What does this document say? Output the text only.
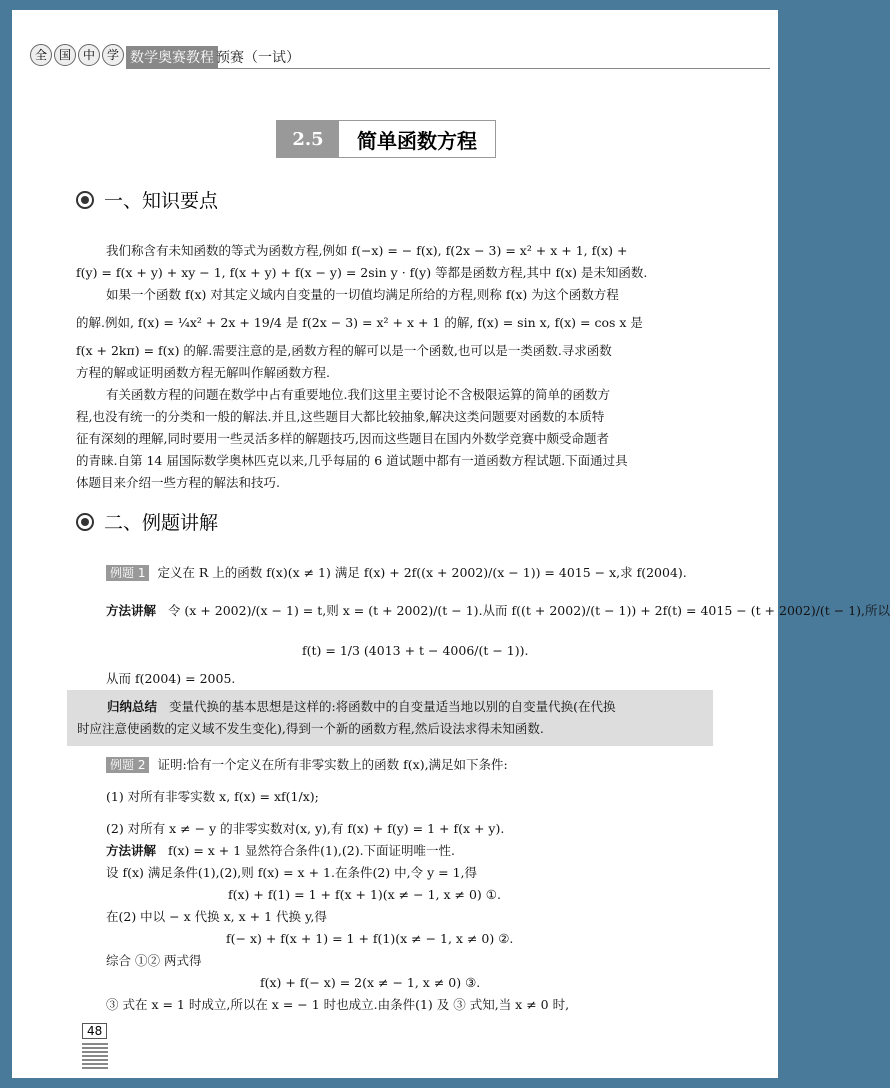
全 国 中 学 数学奥赛教程 预赛（一试）
2.5	简单函数方程
一、知识要点
我们称含有未知函数的等式为函数方程,例如 f(−x) = − f(x), f(2x − 3) = x² + x + 1, f(x) +
f(y) = f(x + y) + xy − 1, f(x + y) + f(x − y) = 2sin y · f(y) 等都是函数方程,其中 f(x) 是未知函数.
如果一个函数 f(x) 对其定义域内自变量的一切值均满足所给的方程,则称 f(x) 为这个函数方程
的解.例如, f(x) = ¼x² + 2x + 19/4 是 f(2x − 3) = x² + x + 1 的解, f(x) = sin x, f(x) = cos x 是
f(x + 2kπ) = f(x) 的解.需要注意的是,函数方程的解可以是一个函数,也可以是一类函数.寻求函数
方程的解或证明函数方程无解叫作解函数方程.
有关函数方程的问题在数学中占有重要地位.我们这里主要讨论不含极限运算的简单的函数方
程,也没有统一的分类和一般的解法.并且,这些题目大都比较抽象,解决这类问题要对函数的本质特
征有深刻的理解,同时要用一些灵活多样的解题技巧,因而这些题目在国内外数学竞赛中颇受命题者
的青睐.自第 14 届国际数学奥林匹克以来,几乎每届的 6 道试题中都有一道函数方程试题.下面通过具
体题目来介绍一些方程的解法和技巧.
二、例题讲解
例题 1 定义在 R 上的函数 f(x)(x ≠ 1) 满足 f(x) + 2f((x + 2002)/(x − 1)) = 4015 − x,求 f(2004).
方法讲解 令 (x + 2002)/(x − 1) = t,则 x = (t + 2002)/(t − 1).从而 f((t + 2002)/(t − 1)) + 2f(t) = 4015 − (t + 2002)/(t − 1),所以
f(t) = 1/3 (4013 + t − 4006/(t − 1)).
从而 f(2004) = 2005.
归纳总结 变量代换的基本思想是这样的:将函数中的自变量适当地以别的自变量代换(在代换
时应注意使函数的定义域不发生变化),得到一个新的函数方程,然后设法求得未知函数.
例题 2 证明:恰有一个定义在所有非零实数上的函数 f(x),满足如下条件:
(1) 对所有非零实数 x, f(x) = xf(1/x);
(2) 对所有 x ≠ − y 的非零实数对(x, y),有 f(x) + f(y) = 1 + f(x + y).
方法讲解 f(x) = x + 1 显然符合条件(1),(2).下面证明唯一性.
设 f(x) 满足条件(1),(2),则 f(x) = x + 1.在条件(2) 中,令 y = 1,得
f(x) + f(1) = 1 + f(x + 1)(x ≠ − 1, x ≠ 0) ①.
在(2) 中以 − x 代换 x, x + 1 代换 y,得
f(− x) + f(x + 1) = 1 + f(1)(x ≠ − 1, x ≠ 0) ②.
综合 ①② 两式得
f(x) + f(− x) = 2(x ≠ − 1, x ≠ 0) ③.
③ 式在 x = 1 时成立,所以在 x = − 1 时也成立.由条件(1) 及 ③ 式知,当 x ≠ 0 时,
48
